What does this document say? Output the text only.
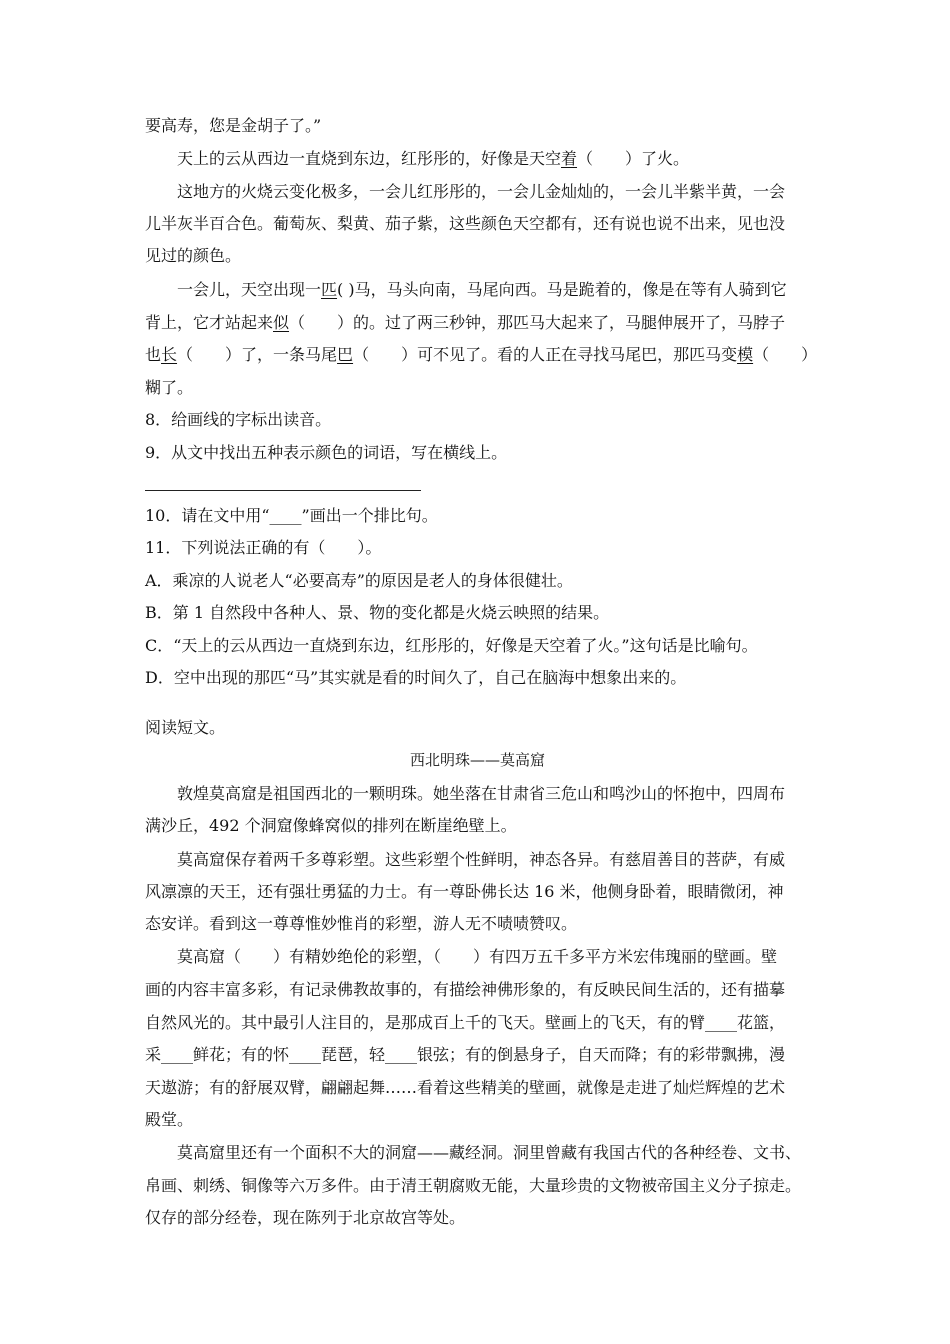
要高寿，您是金胡子了。”
天上的云从西边一直烧到东边，红彤彤的，好像是天空着（　　）了火。
这地方的火烧云变化极多，一会儿红彤彤的，一会儿金灿灿的，一会儿半紫半黄，一会
儿半灰半百合色。葡萄灰、梨黄、茄子紫，这些颜色天空都有，还有说也说不出来，见也没
见过的颜色。
一会儿，天空出现一匹( )马，马头向南，马尾向西。马是跪着的，像是在等有人骑到它
背上，它才站起来似（　　）的。过了两三秒钟，那匹马大起来了，马腿伸展开了，马脖子
也长（　　）了，一条马尾巴（　　）可不见了。看的人正在寻找马尾巴，那匹马变模（　　）
糊了。
8．给画线的字标出读音。
9．从文中找出五种表示颜色的词语，写在横线上。
10．请在文中用“____”画出一个排比句。
11．下列说法正确的有（　　）。
A．乘凉的人说老人“必要高寿”的原因是老人的身体很健壮。
B．第 1 自然段中各种人、景、物的变化都是火烧云映照的结果。
C．“天上的云从西边一直烧到东边，红彤彤的，好像是天空着了火。”这句话是比喻句。
D．空中出现的那匹“马”其实就是看的时间久了，自己在脑海中想象出来的。
阅读短文。
西北明珠——莫高窟
敦煌莫高窟是祖国西北的一颗明珠。她坐落在甘肃省三危山和鸣沙山的怀抱中，四周布
满沙丘，492 个洞窟像蜂窝似的排列在断崖绝壁上。
莫高窟保存着两千多尊彩塑。这些彩塑个性鲜明，神态各异。有慈眉善目的菩萨，有威
风凛凛的天王，还有强壮勇猛的力士。有一尊卧佛长达 16 米，他侧身卧着，眼睛微闭，神
态安详。看到这一尊尊惟妙惟肖的彩塑，游人无不啧啧赞叹。
莫高窟（　　）有精妙绝伦的彩塑，（　　）有四万五千多平方米宏伟瑰丽的壁画。壁
画的内容丰富多彩，有记录佛教故事的，有描绘神佛形象的，有反映民间生活的，还有描摹
自然风光的。其中最引人注目的，是那成百上千的飞天。壁画上的飞天，有的臂____花篮，
采____鲜花；有的怀____琵琶，轻____银弦；有的倒悬身子，自天而降；有的彩带飘拂，漫
天遨游；有的舒展双臂，翩翩起舞……看着这些精美的壁画，就像是走进了灿烂辉煌的艺术
殿堂。
莫高窟里还有一个面积不大的洞窟——藏经洞。洞里曾藏有我国古代的各种经卷、文书、
帛画、刺绣、铜像等六万多件。由于清王朝腐败无能，大量珍贵的文物被帝国主义分子掠走。
仅存的部分经卷，现在陈列于北京故宫等处。
